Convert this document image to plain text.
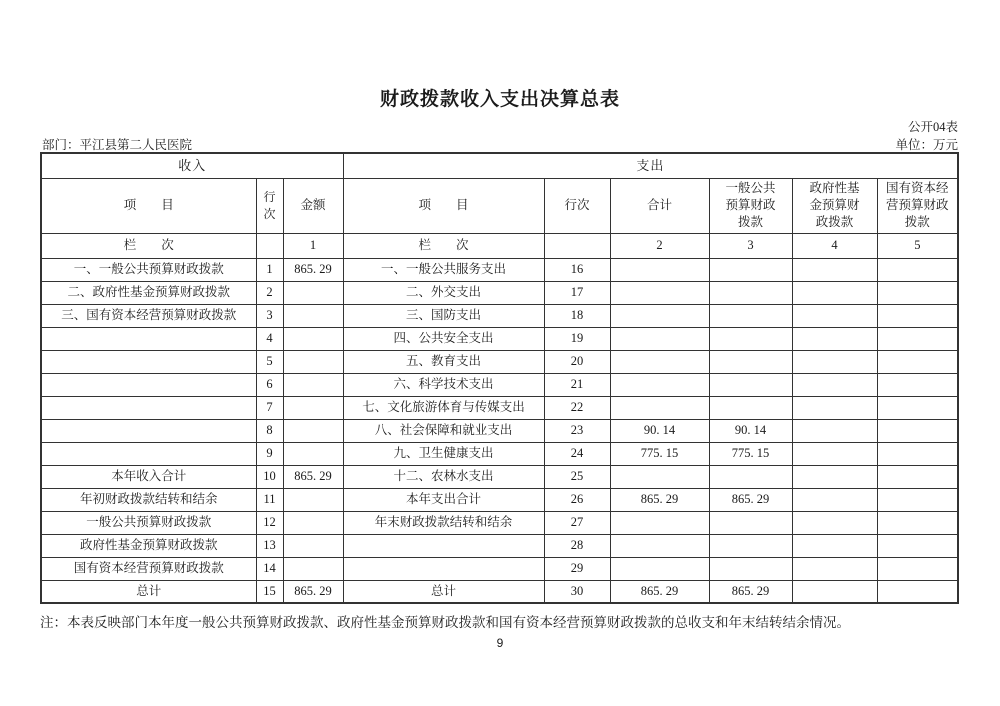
财政拨款收入支出决算总表
公开04表
部门：平江县第二人民医院	单位：万元
收入			支出					
项　　目	行次	金额	项　　目	行次	合计	一般公共预算财政拨款	政府性基金预算财政拨款	国有资本经营预算财政拨款
栏　　次		1	栏　　次		2	3	4	5
一、一般公共预算财政拨款	1	865. 29	一、一般公共服务支出	16				
二、政府性基金预算财政拨款	2		二、外交支出	17				
三、国有资本经营预算财政拨款	3		三、国防支出	18				
	4		四、公共安全支出	19				
	5		五、教育支出	20				
	6		六、科学技术支出	21				
	7		七、文化旅游体育与传媒支出	22				
	8		八、社会保障和就业支出	23	90. 14	90. 14		
	9		九、卫生健康支出	24	775. 15	775. 15		
本年收入合计	10	865. 29	十二、农林水支出	25				
年初财政拨款结转和结余	11		本年支出合计	26	865. 29	865. 29		
一般公共预算财政拨款	12		年末财政拨款结转和结余	27				
政府性基金预算财政拨款	13			28				
国有资本经营预算财政拨款	14			29				
总计	15	865. 29	总计	30	865. 29	865. 29		
注：本表反映部门本年度一般公共预算财政拨款、政府性基金预算财政拨款和国有资本经营预算财政拨款的总收支和年末结转结余情况。
9
